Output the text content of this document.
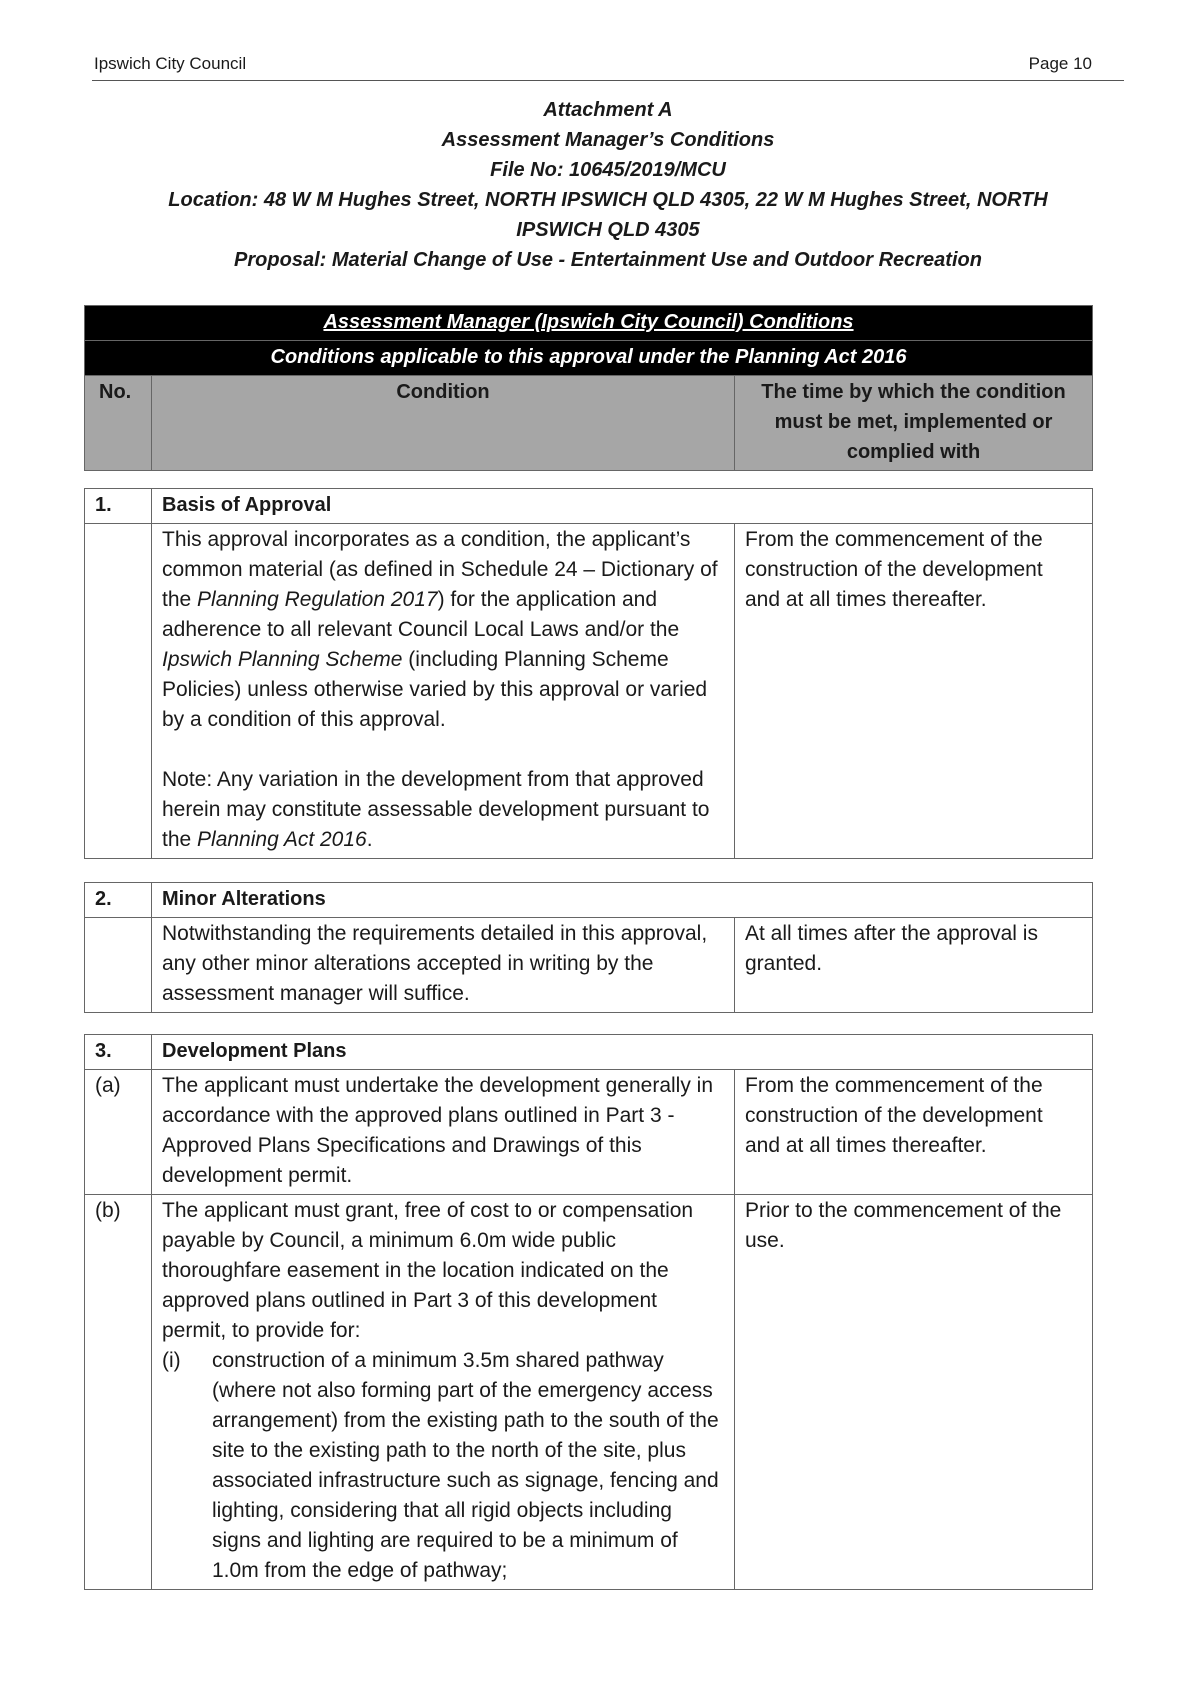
Ipswich City Council	Page 10
Attachment A
Assessment Manager’s Conditions
File No: 10645/2019/MCU
Location: 48 W M Hughes Street, NORTH IPSWICH QLD 4305, 22 W M Hughes Street, NORTH
IPSWICH QLD 4305
Proposal: Material Change of Use - Entertainment Use and Outdoor Recreation
Assessment Manager (Ipswich City Council) Conditions
Conditions applicable to this approval under the Planning Act 2016
No.	Condition	The time by which the condition must be met, implemented or complied with
1.	Basis of Approval	

	This approval incorporates as a condition, the applicant’s common material (as defined in Schedule 24 – Dictionary of the Planning Regulation 2017) for the application and adherence to all relevant Council Local Laws and/or the Ipswich Planning Scheme (including Planning Scheme Policies) unless otherwise varied by this approval or varied by a condition of this approval.

Note: Any variation in the development from that approved herein may constitute assessable development pursuant to the Planning Act 2016.	From the commencement of the construction of the development and at all times thereafter.
2.	Minor Alterations	
	Notwithstanding the requirements detailed in this approval, any other minor alterations accepted in writing by the assessment manager will suffice.	At all times after the approval is granted.
3.	Development Plans	
(a)	The applicant must undertake the development generally in accordance with the approved plans outlined in Part 3 - Approved Plans Specifications and Drawings of this development permit.	From the commencement of the construction of the development and at all times thereafter.
(b)	The applicant must grant, free of cost to or compensation payable by Council, a minimum 6.0m wide public thoroughfare easement in the location indicated on the approved plans outlined in Part 3 of this development permit, to provide for:

(i) construction of a minimum 3.5m shared pathway (where not also forming part of the emergency access arrangement) from the existing path to the south of the site to the existing path to the north of the site, plus associated infrastructure such as signage, fencing and lighting, considering that all rigid objects including signs and lighting are required to be a minimum of 1.0m from the edge of pathway;	Prior to the commencement of the use.
